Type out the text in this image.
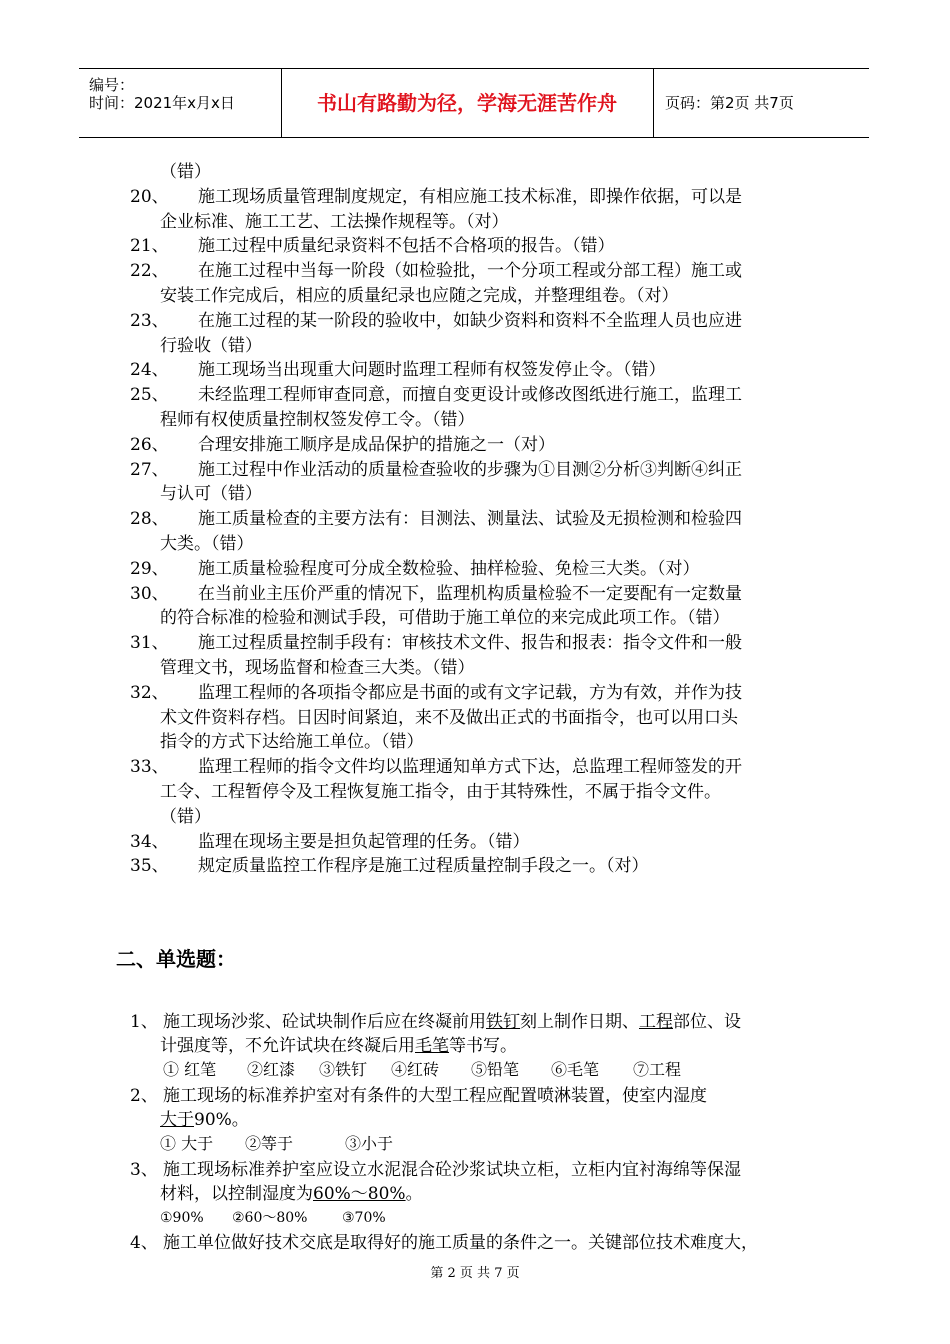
编号：
时间：2021年x月x日	书山有路勤为径，学海无涯苦作舟	页码：第2页 共7页
（错）
20、 施工现场质量管理制度规定，有相应施工技术标准，即操作依据，可以是
企业标准、施工工艺、工法操作规程等。（对）
21、 施工过程中质量纪录资料不包括不合格项的报告。（错）
22、 在施工过程中当每一阶段（如检验批，一个分项工程或分部工程）施工或
安装工作完成后，相应的质量纪录也应随之完成，并整理组卷。（对）
23、 在施工过程的某一阶段的验收中，如缺少资料和资料不全监理人员也应进
行验收（错）
24、 施工现场当出现重大问题时监理工程师有权签发停止令。（错）
25、 未经监理工程师审查同意，而擅自变更设计或修改图纸进行施工，监理工
程师有权使质量控制权签发停工令。（错）
26、 合理安排施工顺序是成品保护的措施之一（对）
27、 施工过程中作业活动的质量检查验收的步骤为①目测②分析③判断④纠正
与认可（错）
28、 施工质量检查的主要方法有：目测法、测量法、试验及无损检测和检验四
大类。（错）
29、 施工质量检验程度可分成全数检验、抽样检验、免检三大类。（对）
30、 在当前业主压价严重的情况下，监理机构质量检验不一定要配有一定数量
的符合标准的检验和测试手段，可借助于施工单位的来完成此项工作。（错）
31、 施工过程质量控制手段有：审核技术文件、报告和报表：指令文件和一般
管理文书，现场监督和检查三大类。（错）
32、 监理工程师的各项指令都应是书面的或有文字记载，方为有效，并作为技
术文件资料存档。日因时间紧迫，来不及做出正式的书面指令，也可以用口头
指令的方式下达给施工单位。（错）
33、 监理工程师的指令文件均以监理通知单方式下达，总监理工程师签发的开
工令、工程暂停令及工程恢复施工指令，由于其特殊性，不属于指令文件。
（错）
34、 监理在现场主要是担负起管理的任务。（错）
35、 规定质量监控工作程序是施工过程质量控制手段之一。（对）
二、单选题：
1、 施工现场沙浆、砼试块制作后应在终凝前用铁钉刻上制作日期、工程部位、设
计强度等，不允许试块在终凝后用毛笔等书写。
① 红笔 ②红漆 ③铁钉 ④红砖 ⑤铅笔 ⑥毛笔 ⑦工程
2、 施工现场的标准养护室对有条件的大型工程应配置喷淋装置，使室内湿度
大于90%。
① 大于 ②等于	③小于
3、 施工现场标准养护室应设立水泥混合砼沙浆试块立柜，立柜内宜衬海绵等保湿
材料，以控制湿度为60%～80%。
①90% ②60～80% ③70%
4、 施工单位做好技术交底是取得好的施工质量的条件之一。关键部位技术难度大，
第 2 页 共 7 页
